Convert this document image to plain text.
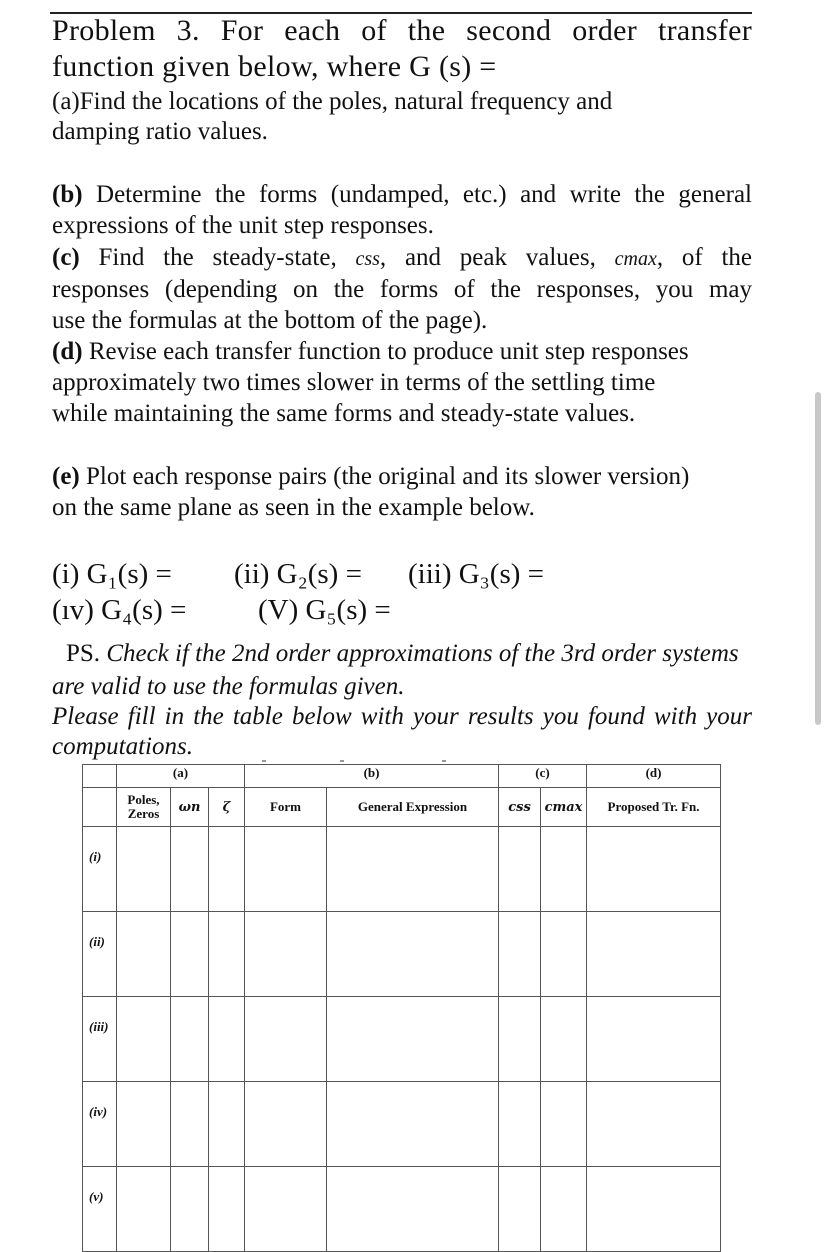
Problem 3. For each of the second order transfer
function given below, where G (s) =
(a)Find the locations of the poles, natural frequency and
damping ratio values.
(b) Determine the forms (undamped, etc.) and write the general
expressions of the unit step responses.
(c) Find the steady-state, css, and peak values, cmax, of the
responses (depending on the forms of the responses, you may
use the formulas at the bottom of the page).
(d) Revise each transfer function to produce unit step responses
approximately two times slower in terms of the settling time
while maintaining the same forms and steady-state values.
(e) Plot each response pairs (the original and its slower version)
on the same plane as seen in the example below.
(i) G₁(s) = (ii) G₂(s) = (iii) G₃(s) =
(ıv) G₄(s) = (V) G₅(s) =
PS. Check if the 2nd order approximations of the 3rd order systems
are valid to use the formulas given.
Please fill in the table below with your results you found with your
computations.
	(a)			(b)		(c)		(d)
	Poles, Zeros	ωn	ζ	Form	General Expression	css	cmax	Proposed Tr. Fn.
(i)								
(ii)								
(iii)								
(iv)								
(v)								
